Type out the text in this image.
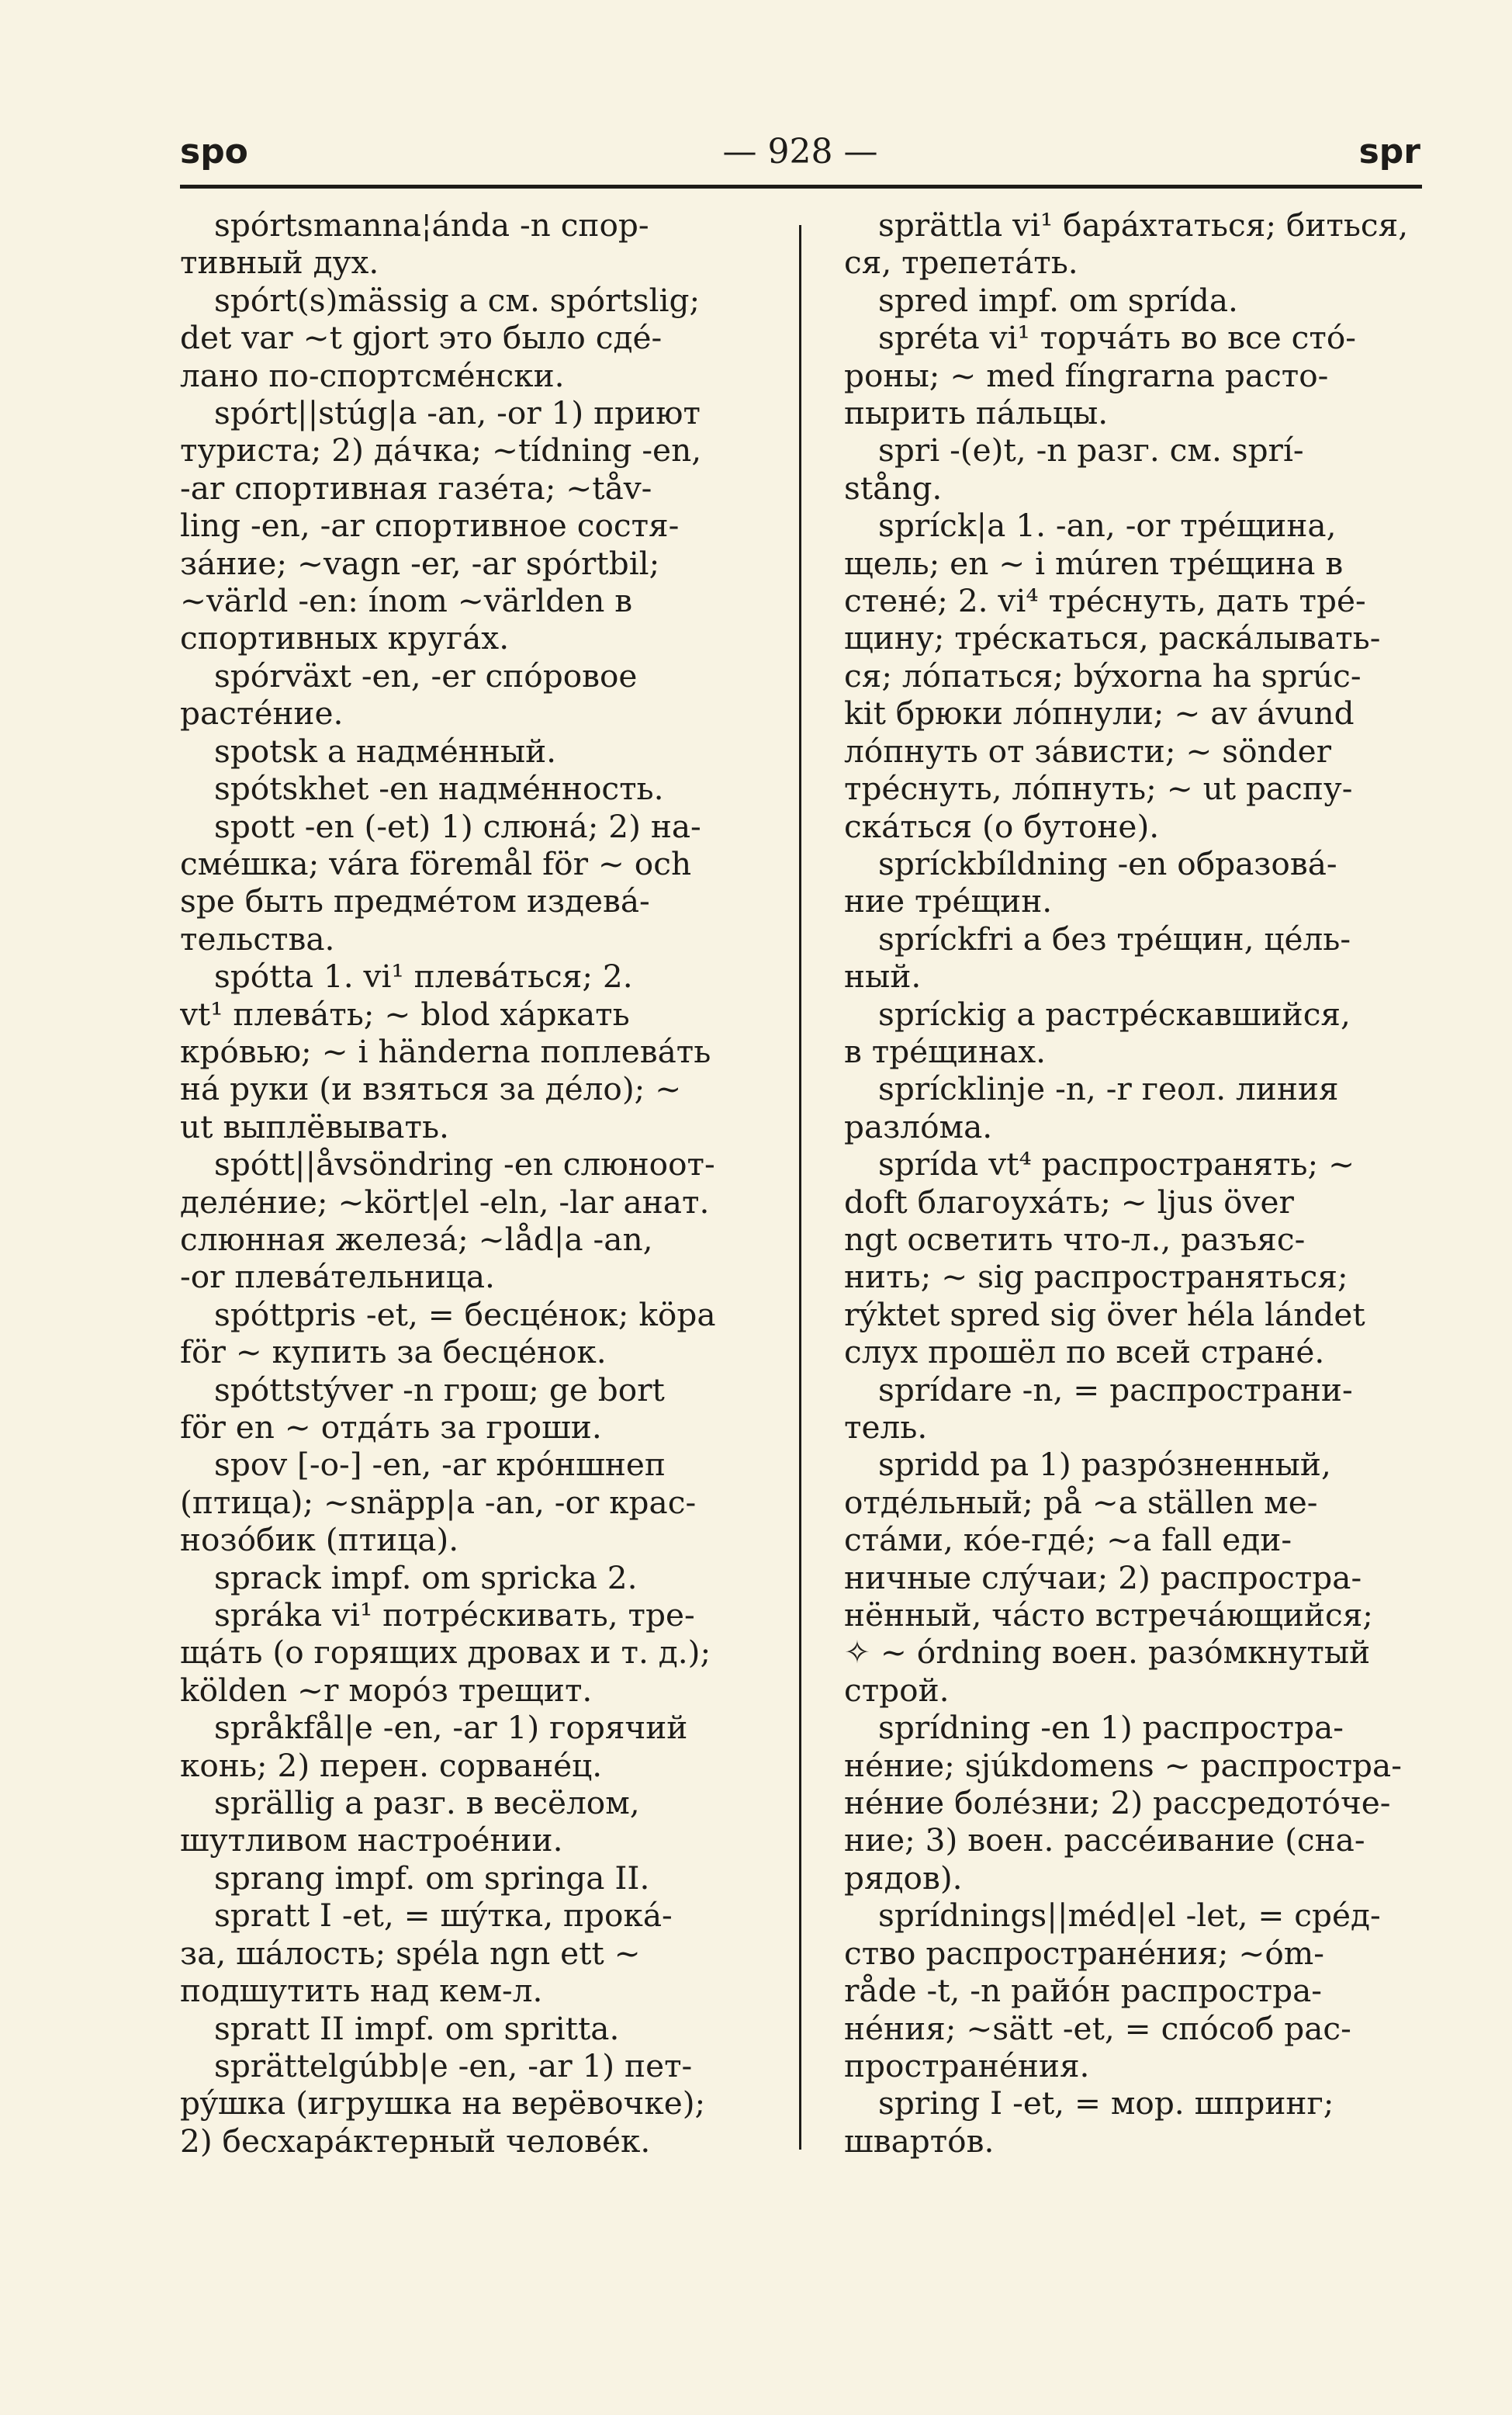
spo	— 928 —	spr
spórtsmanna¦ánda -n спор-
тивный дух.
spórt(s)mässig a см. spórtslig;
det var ~t gjort это было сдé-
лано по-спортсмéнски.
spórt||stúg|a -an, -or 1) приют
туриста; 2) дáчка; ~tídning -en,
-ar спортивная газéта; ~tåv-
ling -en, -ar спортивное состя-
зáние; ~vagn -er, -ar spórtbil;
~värld -en: ínom ~världen в
спортивных кругáх.
spórväxt -en, -er спóровое
растéние.
spotsk a надмéнный.
spótskhet -en надмéнность.
spott -en (-et) 1) слюнá; 2) на-
смéшка; vára föremål för ~ och
spe быть предмéтом издевá-
тельства.
spótta 1. vi¹ плевáться; 2.
vt¹ плевáть; ~ blod хáркать
крóвью; ~ i händerna поплевáть
нá руки (и взяться за дéло); ~
ut выплёвывать.
spótt||åvsöndring -en слюноот-
делéние; ~kört|el -eln, -lar анат.
слюнная железá; ~låd|a -an,
-or плевáтельница.
spóttpris -et, = бесцéнок; köpa
för ~ купить за бесцéнок.
spóttstýver -n грош; ge bort
för en ~ отдáть за гроши.
spov [-o-] -en, -ar крóншнеп
(птица); ~snäpp|a -an, -or крас-
нозóбик (птица).
sprack impf. om spricka 2.
spráka vi¹ потрéскивать, тре-
щáть (о горящих дровах и т. д.);
kölden ~r морóз трещит.
språkfål|e -en, -ar 1) горячий
конь; 2) перен. сорванéц.
sprällig a разг. в весёлом,
шутливом настроéнии.
sprang impf. om springa II.
spratt I -et, = шýтка, прокá-
за, шáлость; spéla ngn ett ~
подшутить над кем-л.
spratt II impf. om spritta.
sprättelgúbb|e -en, -ar 1) пет-
рýшка (игрушка на верёвочке);
2) бесхарáктерный человéк.
sprättla vi¹ барáхтаться; биться,
ся, трепетáть.
spred impf. om sprída.
spréta vi¹ торчáть во все стó-
роны; ~ med fíngrarna расто-
пырить пáльцы.
spri -(e)t, -n разг. см. sprí-
stång.
spríck|a 1. -an, -or трéщина,
щель; en ~ i múren трéщина в
стенé; 2. vi⁴ трéснуть, дать трé-
щину; трéскаться, раскáлывать-
ся; лóпаться; býxorna ha sprúc-
kit брюки лóпнули; ~ av ávund
лóпнуть от зáвисти; ~ sönder
трéснуть, лóпнуть; ~ ut распу-
скáться (о бутоне).
spríckbíldning -en образовá-
ние трéщин.
spríckfri a без трéщин, цéль-
ный.
spríckig a растрéскавшийся,
в трéщинах.
sprícklinje -n, -r геол. линия
разлóма.
sprída vt⁴ распространять; ~
doft благоухáть; ~ ljus över
ngt осветить что-л., разъяс-
нить; ~ sig распространяться;
rýktet spred sig över héla lándet
слух прошёл по всей странé.
sprídare -n, = распространи-
тель.
spridd pa 1) разрóзненный,
отдéльный; på ~a ställen ме-
стáми, кóе-гдé; ~a fall еди-
ничные слýчаи; 2) распростра-
нённый, чáсто встречáющийся;
✧ ~ órdning воен. разóмкнутый
строй.
sprídning -en 1) распростра-
нéние; sjúkdomens ~ распростра-
нéние болéзни; 2) рассредотóче-
ние; 3) воен. рассéивание (сна-
рядов).
sprídnings||méd|el -let, = срéд-
ство распространéния; ~óm-
råde -t, -n райóн распростра-
нéния; ~sätt -et, = спóсоб рас-
пространéния.
spring I -et, = мор. шпринг;
швартóв.
